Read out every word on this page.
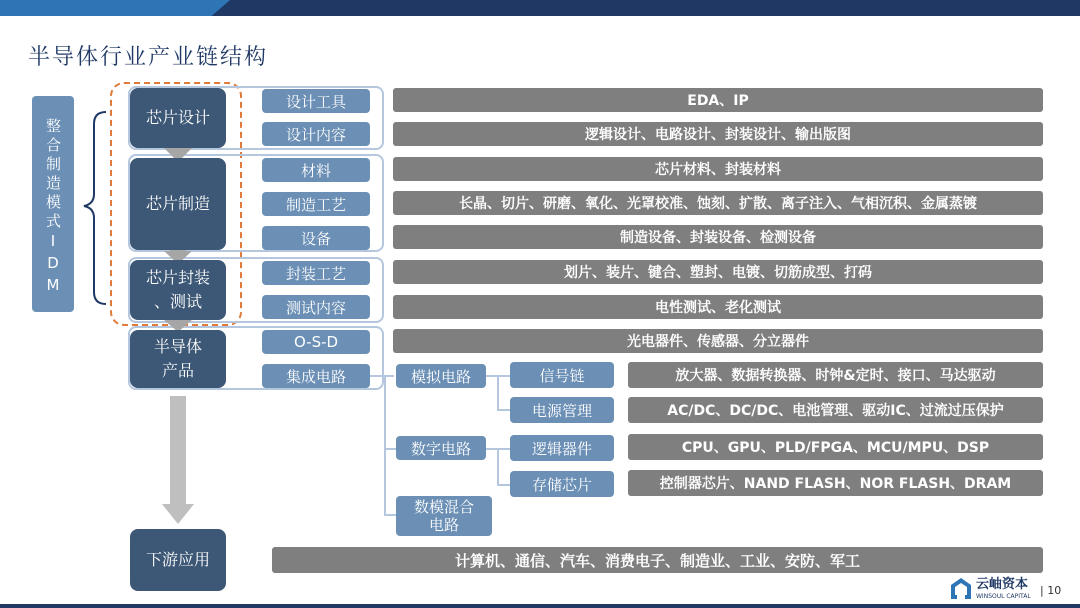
半导体行业产业链结构
整合制造模式IDM
芯片设计
芯片制造
芯片封装
、测试
半导体
产品
下游应用
设计工具
设计内容
材料
制造工艺
设备
封装工艺
测试内容
O-S-D
集成电路	模拟电路
数字电路
数模混合
电路
信号链
电源管理
逻辑器件
存储芯片
EDA、IP
逻辑设计、电路设计、封装设计、输出版图
芯片材料、封装材料
长晶、切片、研磨、氧化、光罩校准、蚀刻、扩散、离子注入、气相沉积、金属蒸镀
制造设备、封装设备、检测设备
划片、装片、键合、塑封、电镀、切筋成型、打码
电性测试、老化测试
光电器件、传感器、分立器件
放大器、数据转换器、时钟&定时、接口、马达驱动
AC/DC、DC/DC、电池管理、驱动IC、过流过压保护
CPU、GPU、PLD/FPGA、MCU/MPU、DSP
控制器芯片、NAND FLASH、NOR FLASH、DRAM
计算机、通信、汽车、消费电子、制造业、工业、安防、军工
云岫资本
WINSOUL CAPITAL | 10
